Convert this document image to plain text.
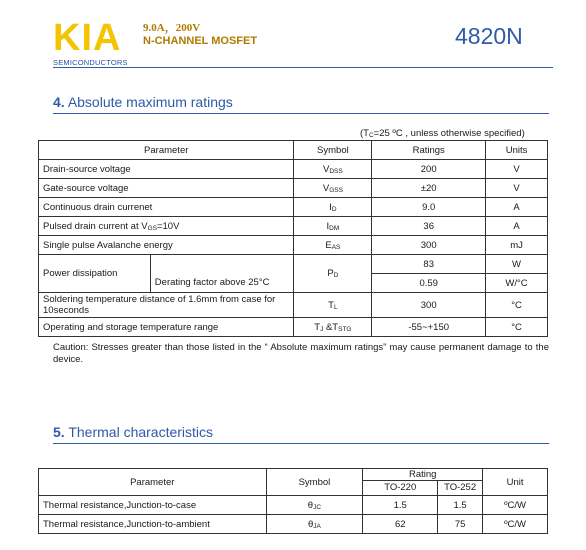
KIA
SEMICONDUCTORS
9.0A，200V
N-CHANNEL MOSFET	4820N
4. Absolute maximum ratings
($T_C=25$ ºC , unless otherwise specified)
Parameter		Symbol	Ratings	Units
Drain-source voltage		$V_{DSS}$	200	V
Gate-source voltage		$V_{GSS}$	±20	V
Continuous drain currenet		$I_D$	9.0	A
Pulsed drain current at $V_{GS}=10V$		$I_{DM}$	36	A
Single pulse Avalanche energy		$E_{AS}$	300	mJ
Power dissipation		$P_D$	83	W
	Derating factor above 25°C		0.59	W/°C
Soldering temperature distance of 1.6mm from case for 10seconds		$T_L$	300	°C
Operating and storage temperature range		$T_J$ $\&T_{STG}$	-55~+150	°C
Caution: Stresses greater than those listed in the “ Absolute maximum ratings” may cause permanent damage to the device.
5. Thermal characteristics
Parameter	Symbol	Rating		Unit
		TO-220	TO-252	
Thermal resistance,Junction-to-case	$\theta_{JC}$	1.5	1.5	ºC/W
Thermal resistance,Junction-to-ambient	$\theta_{JA}$	62	75	ºC/W
